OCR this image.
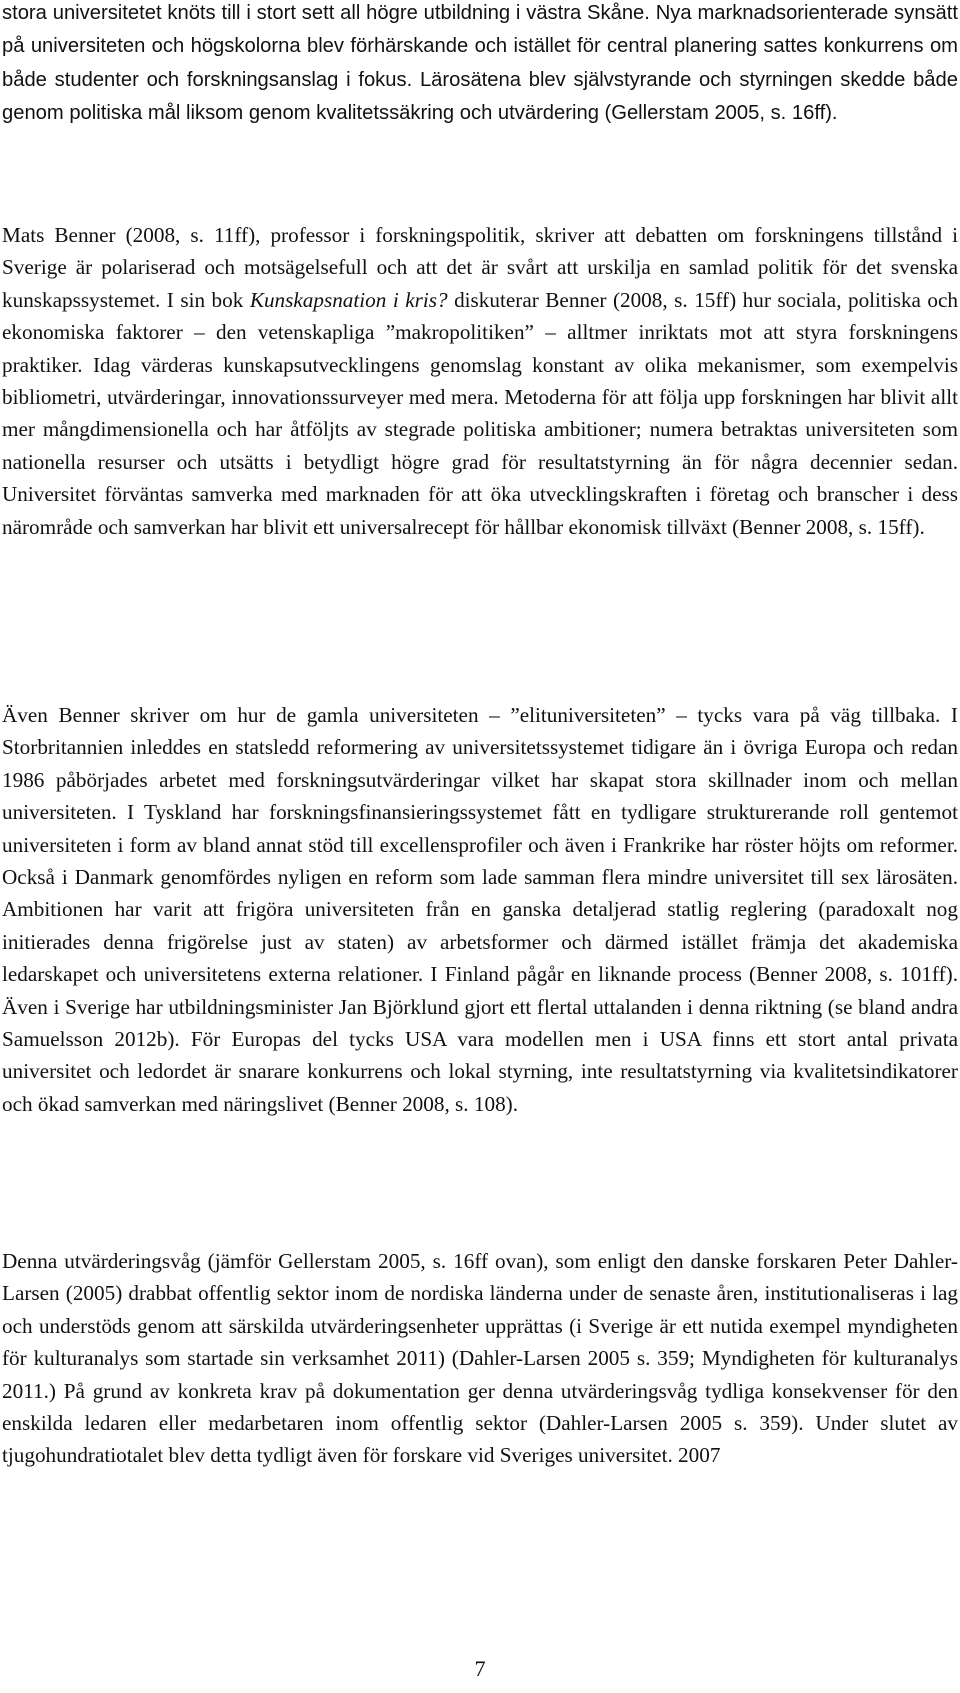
stora universitetet knöts till i stort sett all högre utbildning i västra Skåne. Nya marknadsorienterade synsätt på universiteten och högskolorna blev förhärskande och istället för central planering sattes konkurrens om både studenter och forskningsanslag i fokus. Lärosätena blev självstyrande och styrningen skedde både genom politiska mål liksom genom kvalitetssäkring och utvärdering (Gellerstam 2005, s. 16ff).

Mats Benner (2008, s. 11ff), professor i forskningspolitik, skriver att debatten om forskningens tillstånd i Sverige är polariserad och motsägelsefull och att det är svårt att urskilja en samlad politik för det svenska kunskapssystemet. I sin bok Kunskapsnation i kris? diskuterar Benner (2008, s. 15ff) hur sociala, politiska och ekonomiska faktorer – den vetenskapliga ”makropolitiken” – alltmer inriktats mot att styra forskningens praktiker. Idag värderas kunskapsutvecklingens genomslag konstant av olika mekanismer, som exempelvis bibliometri, utvärderingar, innovationssurveyer med mera. Metoderna för att följa upp forskningen har blivit allt mer mångdimensionella och har åtföljts av stegrade politiska ambitioner; numera betraktas universiteten som nationella resurser och utsätts i betydligt högre grad för resultatstyrning än för några decennier sedan. Universitet förväntas samverka med marknaden för att öka utvecklingskraften i företag och branscher i dess närområde och samverkan har blivit ett universalrecept för hållbar ekonomisk tillväxt (Benner 2008, s. 15ff).

Även Benner skriver om hur de gamla universiteten – ”elituniversiteten” – tycks vara på väg tillbaka. I Storbritannien inleddes en statsledd reformering av universitetssystemet tidigare än i övriga Europa och redan 1986 påbörjades arbetet med forskningsutvärderingar vilket har skapat stora skillnader inom och mellan universiteten. I Tyskland har forskningsfinansieringssystemet fått en tydligare strukturerande roll gentemot universiteten i form av bland annat stöd till excellensprofiler och även i Frankrike har röster höjts om reformer. Också i Danmark genomfördes nyligen en reform som lade samman flera mindre universitet till sex lärosäten. Ambitionen har varit att frigöra universiteten från en ganska detaljerad statlig reglering (paradoxalt nog initierades denna frigörelse just av staten) av arbetsformer och därmed istället främja det akademiska ledarskapet och universitetens externa relationer. I Finland pågår en liknande process (Benner 2008, s. 101ff). Även i Sverige har utbildningsminister Jan Björklund gjort ett flertal uttalanden i denna riktning (se bland andra Samuelsson 2012b). För Europas del tycks USA vara modellen men i USA finns ett stort antal privata universitet och ledordet är snarare konkurrens och lokal styrning, inte resultatstyrning via kvalitetsindikatorer och ökad samverkan med näringslivet (Benner 2008, s. 108).

Denna utvärderingsvåg (jämför Gellerstam 2005, s. 16ff ovan), som enligt den danske forskaren Peter Dahler-Larsen (2005) drabbat offentlig sektor inom de nordiska länderna under de senaste åren, institutionaliseras i lag och understöds genom att särskilda utvärderingsenheter upprättas (i Sverige är ett nutida exempel myndigheten för kulturanalys som startade sin verksamhet 2011) (Dahler-Larsen 2005 s. 359; Myndigheten för kulturanalys 2011.) På grund av konkreta krav på dokumentation ger denna utvärderingsvåg tydliga konsekvenser för den enskilda ledaren eller medarbetaren inom offentlig sektor (Dahler-Larsen 2005 s. 359). Under slutet av tjugohundratiotalet blev detta tydligt även för forskare vid Sveriges universitet. 2007

7
